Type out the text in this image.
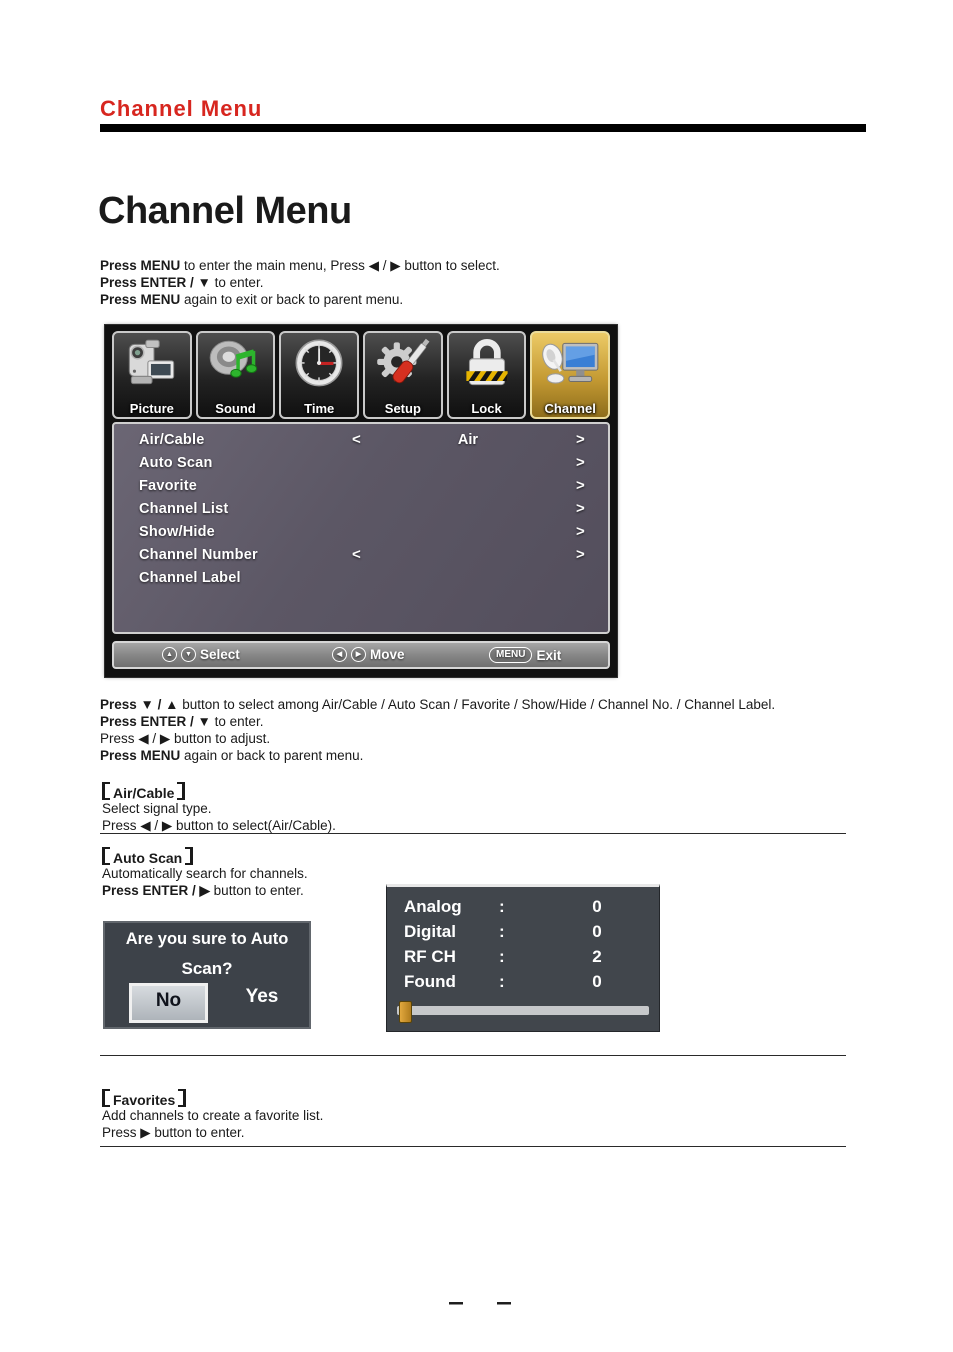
Channel Menu
Channel Menu

Press MENU to enter the main menu, Press ◀ / ▶ button to select.

Press ENTER / ▼ to enter.

Press MENU again to exit or back to parent menu.

Picture	Sound	Time	Setup	Lock	Channel
Air/Cable	<	Air	>
Auto Scan	>
Favorite	>
Channel List	>
Show/Hide	>
Channel Number	<	>
Channel Label
▲	▼ Select	◀	▶ Move	MENU Exit

Press ▼ / ▲ button to select among Air/Cable / Auto Scan / Favorite / Show/Hide / Channel No. / Channel Label.

Press ENTER / ▼ to enter.

Press ◀ / ▶ button to adjust.

Press MENU again or back to parent menu.

Air/Cable

Select signal type.

Press ◀ / ▶ button to select(Air/Cable).

Auto Scan

Automatically search for channels.

Press ENTER / ▶ button to enter.

Are you sure to Auto
Scan?
No	Yes
Analog :	0
Digital	:	0
RF CH	:	2
Found	:	0
Favorites

Add channels to create a favorite list.

Press ▶ button to enter.

— —
